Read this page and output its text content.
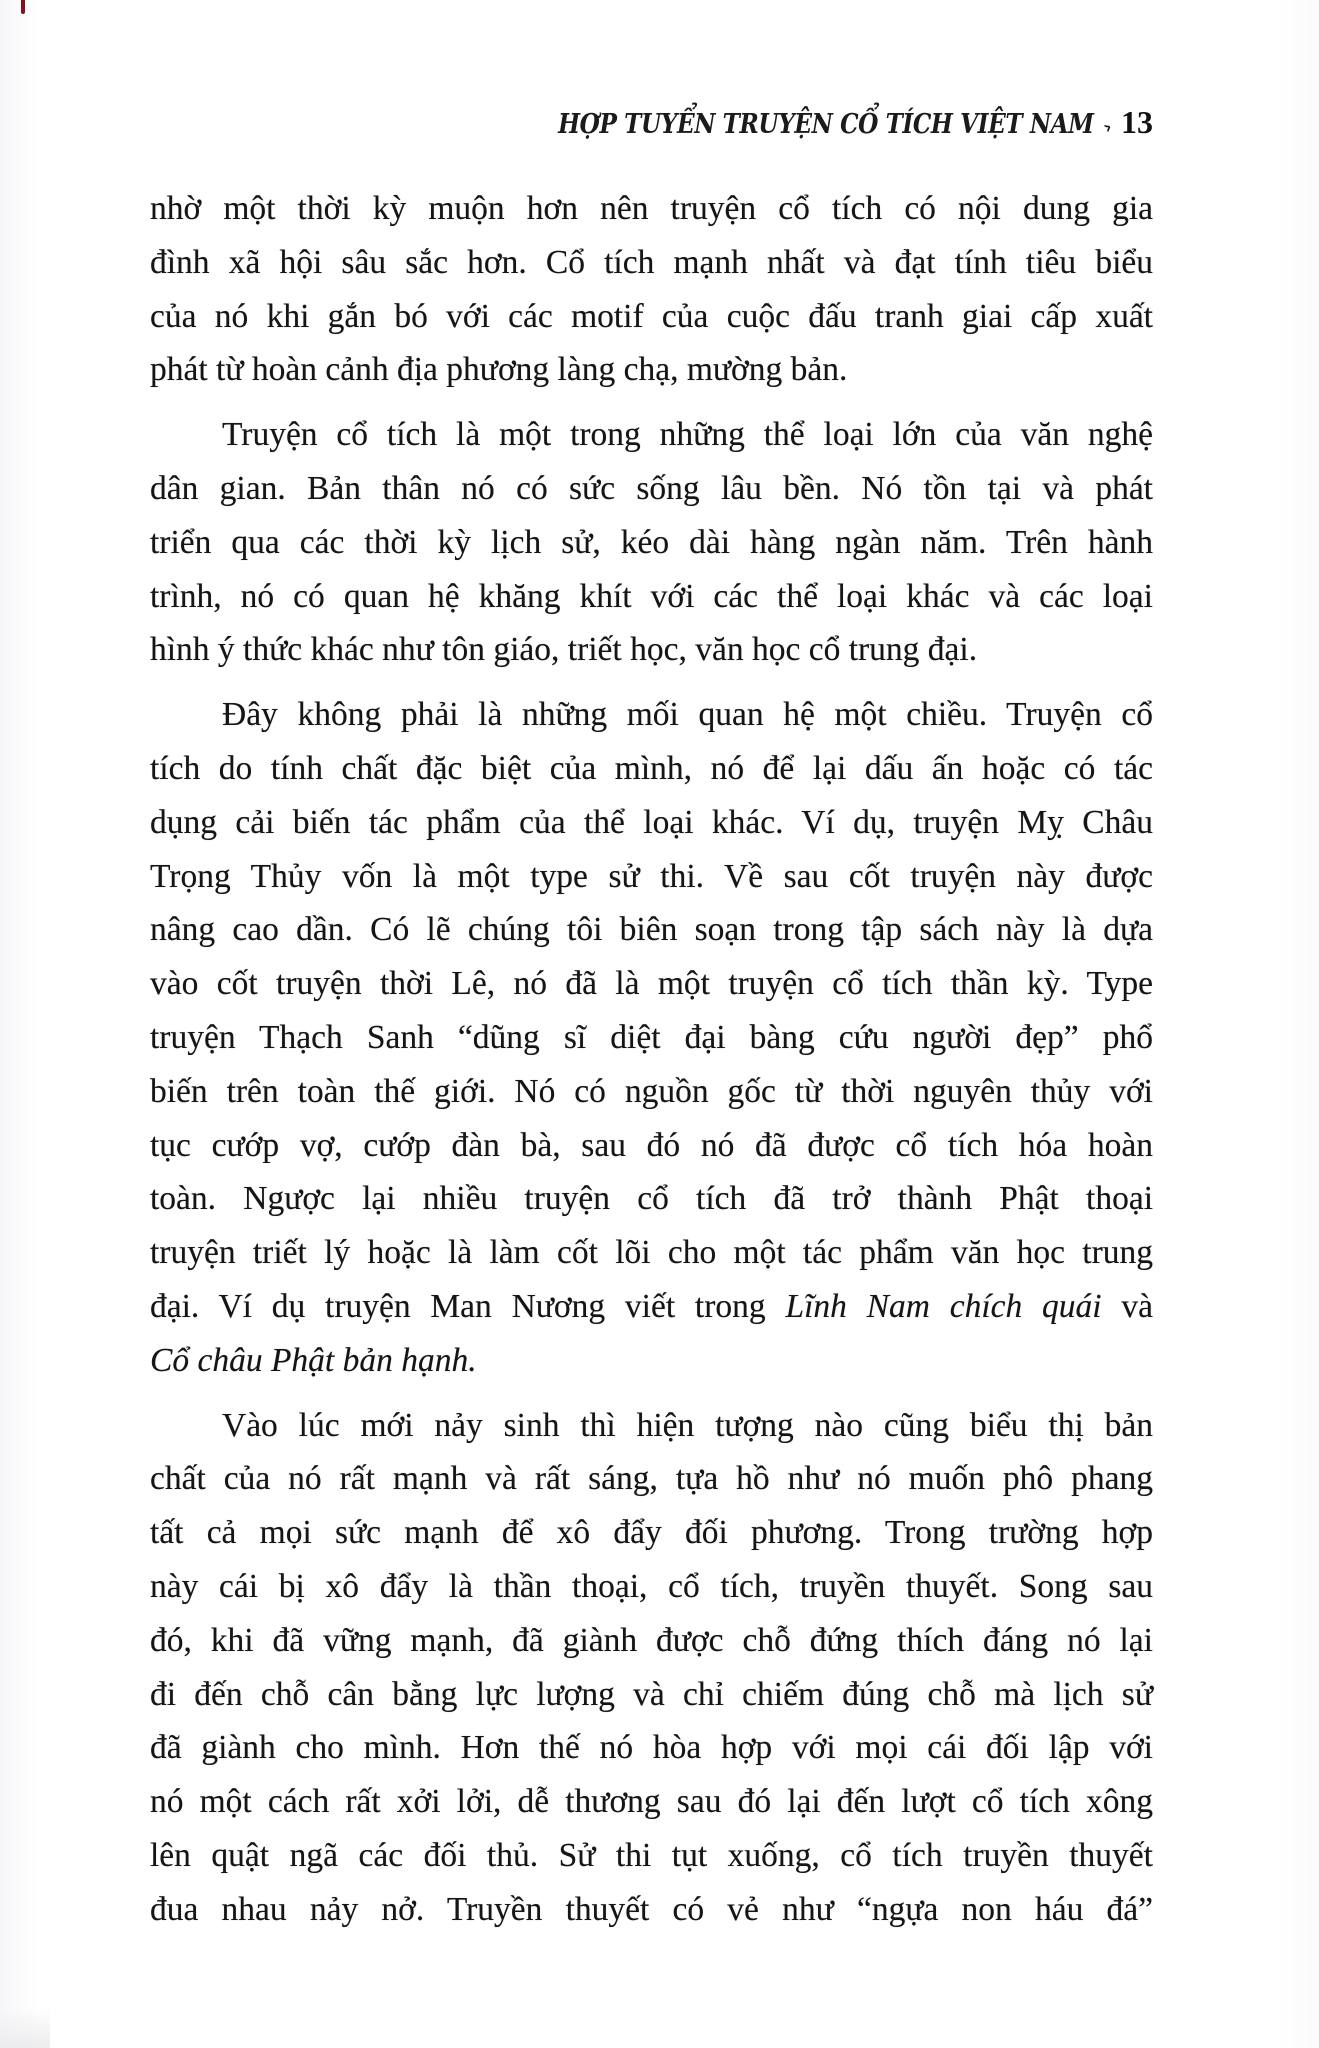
HỢP TUYỂN TRUYỆN CỔ TÍCH VIỆT NAM › 13

nhờ một thời kỳ muộn hơn nên truyện cổ tích có nội dung gia
đình xã hội sâu sắc hơn. Cổ tích mạnh nhất và đạt tính tiêu biểu
của nó khi gắn bó với các motif của cuộc đấu tranh giai cấp xuất
phát từ hoàn cảnh địa phương làng chạ, mường bản.

Truyện cổ tích là một trong những thể loại lớn của văn nghệ
dân gian. Bản thân nó có sức sống lâu bền. Nó tồn tại và phát
triển qua các thời kỳ lịch sử, kéo dài hàng ngàn năm. Trên hành
trình, nó có quan hệ khăng khít với các thể loại khác và các loại
hình ý thức khác như tôn giáo, triết học, văn học cổ trung đại.

Đây không phải là những mối quan hệ một chiều. Truyện cổ
tích do tính chất đặc biệt của mình, nó để lại dấu ấn hoặc có tác
dụng cải biến tác phẩm của thể loại khác. Ví dụ, truyện Mỵ Châu
Trọng Thủy vốn là một type sử thi. Về sau cốt truyện này được
nâng cao dần. Có lẽ chúng tôi biên soạn trong tập sách này là dựa
vào cốt truyện thời Lê, nó đã là một truyện cổ tích thần kỳ. Type
truyện Thạch Sanh “dũng sĩ diệt đại bàng cứu người đẹp” phổ
biến trên toàn thế giới. Nó có nguồn gốc từ thời nguyên thủy với
tục cướp vợ, cướp đàn bà, sau đó nó đã được cổ tích hóa hoàn
toàn. Ngược lại nhiều truyện cổ tích đã trở thành Phật thoại
truyện triết lý hoặc là làm cốt lõi cho một tác phẩm văn học trung
đại. Ví dụ truyện Man Nương viết trong Lĩnh Nam chích quái và
Cổ châu Phật bản hạnh.

Vào lúc mới nảy sinh thì hiện tượng nào cũng biểu thị bản
chất của nó rất mạnh và rất sáng, tựa hồ như nó muốn phô phang
tất cả mọi sức mạnh để xô đẩy đối phương. Trong trường hợp
này cái bị xô đẩy là thần thoại, cổ tích, truyền thuyết. Song sau
đó, khi đã vững mạnh, đã giành được chỗ đứng thích đáng nó lại
đi đến chỗ cân bằng lực lượng và chỉ chiếm đúng chỗ mà lịch sử
đã giành cho mình. Hơn thế nó hòa hợp với mọi cái đối lập với
nó một cách rất xởi lởi, dễ thương sau đó lại đến lượt cổ tích xông
lên quật ngã các đối thủ. Sử thi tụt xuống, cổ tích truyền thuyết
đua nhau nảy nở. Truyền thuyết có vẻ như “ngựa non háu đá”
